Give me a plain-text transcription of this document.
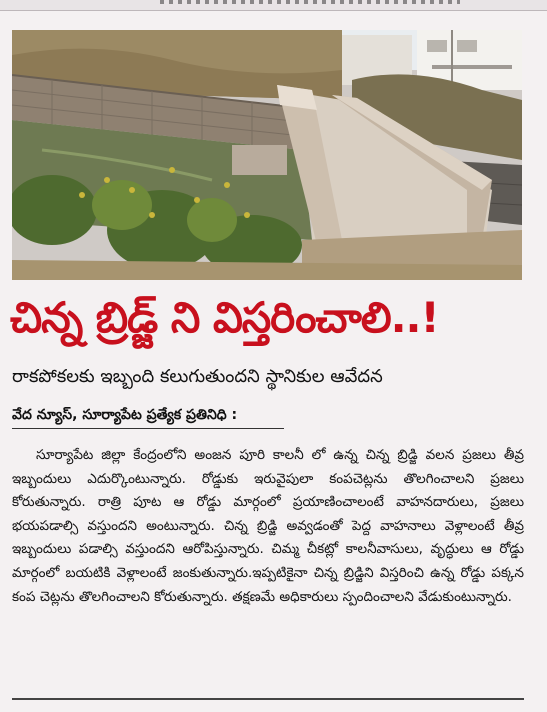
చిన్న బ్రిడ్జ్ ని విస్తరించాలి..!
రాకపోకలకు ఇబ్బంది కలుగుతుందని స్థానికుల ఆవేదన
వేద న్యూస్, సూర్యాపేట ప్రత్యేక ప్రతినిధి :

సూర్యాపేట జిల్లా కేంద్రంలోని అంజన పూరి కాలనీ లో ఉన్న చిన్న బ్రిడ్జి వలన ప్రజలు తీవ్ర ఇబ్బందులు ఎదుర్కొంటున్నారు. రోడ్డుకు ఇరువైపులా కంపచెట్లను తొలగించాలని ప్రజలు కోరుతున్నారు. రాత్రి పూట ఆ రోడ్డు మార్గంలో ప్రయాణించాలంటే వాహనదారులు, ప్రజలు భయపడాల్సి వస్తుందని అంటున్నారు. చిన్న బ్రిడ్జి అవ్వడంతో పెద్ద వాహనాలు వెళ్లాలంటే తీవ్ర ఇబ్బందులు పడాల్సి వస్తుందని ఆరోపిస్తున్నారు. చిమ్మ చీకట్లో కాలనీవాసులు, వృద్ధులు ఆ రోడ్డు మార్గంలో బయటికి వెళ్లాలంటే జంకుతున్నారు.ఇప్పటికైనా చిన్న బ్రిడ్జిని విస్తరించి ఉన్న రోడ్డు పక్కన కంప చెట్లను తొలగించాలని కోరుతున్నారు. తక్షణమే అధికారులు స్పందించాలని వేడుకుంటున్నారు.
